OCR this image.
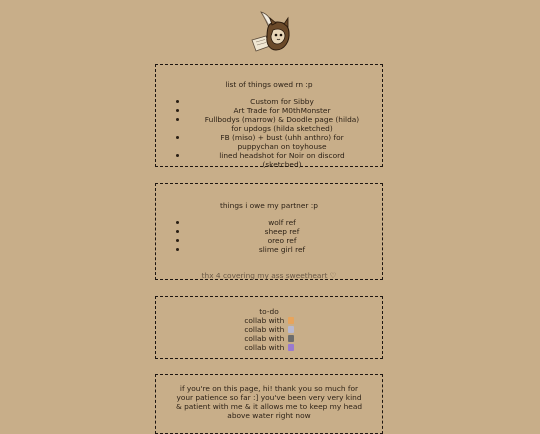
list of things owed rn :p

Custom for Sibby
Art Trade for M0thMonster
Fullbodys (marrow) & Doodle page (hilda) for updogs (hilda sketched)
FB (miso) + bust (uhh anthro) for puppychan on toyhouse
lined headshot for Noir on discord (sketched)

things i owe my partner :p

wolf ref
sheep ref
oreo ref
slime girl ref

thx 4 covering my ass sweetheart ♡

to-do

collab with

collab with

collab with

collab with

if you're on this page, hi! thank you so much for your patience so far :] you've been very very kind & patient with me & it allows me to keep my head above water right now
